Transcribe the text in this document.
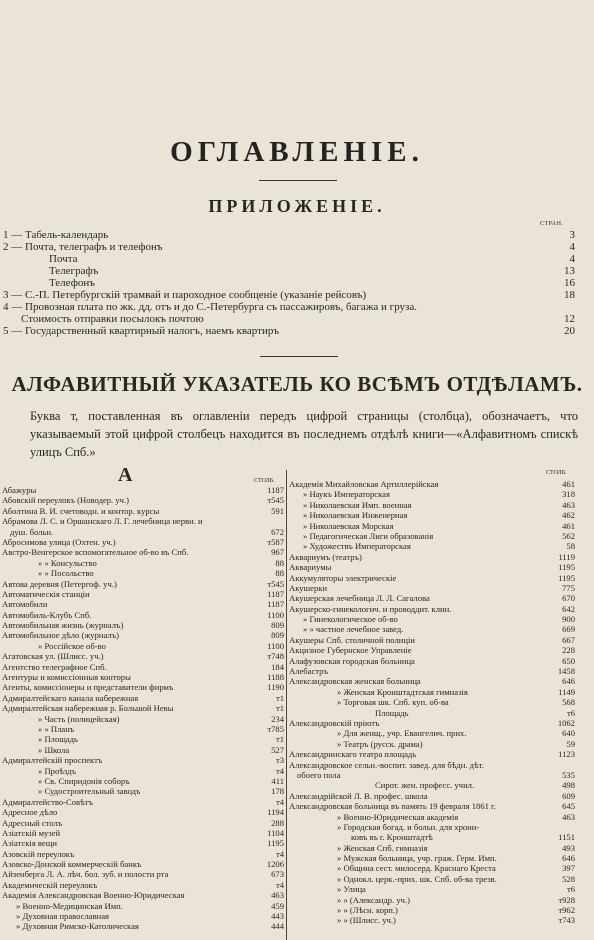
ОГЛАВЛЕНІЕ.
ПРИЛОЖЕНІЕ.
СТРАН.
1 — Табель-календарь	3
2 — Почта, телеграфъ и телефонъ	4
Почта	4
Телеграфъ	13
Телефонъ	16
3 — С.-П. Петербургскій трамвай и пароходное сообщеніе (указаніе рейсовъ)	18
4 — Провозная плата по жк. дд. отъ и до С.-Петербурга съ пассажировъ, багажа и груза.
Стоимость отправки посылокъ почтою	12
5 — Государственный квартирный налогъ, наемъ квартиръ	20
АЛФАВИТНЫЙ УКАЗАТЕЛЬ КО ВСѢМЪ ОТДѢЛАМЪ.
Буква т, поставленная въ оглавленіи передъ цифрой страницы (столбца), обозначаетъ, что указываемый этой цифрой столбецъ находится въ последнемъ отдѣлѣ книги—«Алфавитномъ спискѣ улицъ Спб.»
А	СТОЛБ.
СТОЛБ.
Абажуры	1187
Абовскій переулокъ (Новодер. уч.)	т545
Аболтина В. И. счетоводн. и контор. курсы	591
Абрамова Л. С. и Оршанскаго Л. Г. лечебница нервн. и
душ. больн.	672
Абросимова улица (Охтен. уч.)	т587
Австро-Венгерское вспомогательное об-во въ Спб.	967
» » Консульство	88
» » Посольство	88
Автова деревня (Петергоф. уч.)	т545
Автоматическія станціи	1187
Автомобили	1187
Автомобиль-Клубъ Спб.	1100
Автомобильная жизнь (журналъ)	809
Автомобильное дѣло (журналъ)	809
» Россійское об-во	1100
Агатовская ул. (Шлисс. уч.)	т748
Агентство телеграфное Спб.	184
Агентуры и комиссіонныя конторы	1188
Агенты, комиссіонеры и представители фирмъ	1190
Адмиралтейскаго канала набережная	т1
Адмиралтейская набережная р. Большой Невы	т1
» Часть (полицейская)	234
» » Планъ	т785
» Площадь	т1
» Школа	527
Адмиралтейскій проспектъ	т3
» Проѣздъ	т4
» Св. Спиридонія соборъ	411
» Судостроительный заводъ	178
Адмиралтейство-Совѣтъ	т4
Адресное дѣло	1194
Адресный столъ	288
Азіатскій музей	1104
Азіатскія вещи	1195
Азовскій переулокъ	т4
Азовско-Донской коммерческій банкъ	1206
Айзенберга Л. А. лѣч. бол. зуб. и полости рта	673
Академическій переулокъ	т4
Академія Александровская Военно-Юридическая	463
» Военно-Медицинская Имп.	459
» Духовная православная	443
» Духовная Римско-Католическая	444
Академія Михайловская Артиллерійская	461
» Наукъ Императорская	318
» Николаевская Имп. военная	463
» Николаевская Инженерная	462
» Николаевская Морская	461
» Педагогическая Лиги образованія	562
» Художествъ Императорская	58
Аквариумъ (театръ)	1119
Аквариумы	1195
Аккумуляторы электрическіе	1195
Акушерки	775
Акушерская лечебница Л. Л. Сагалова	670
Акушерско-гинекологич. и проводдит. клин.	642
» Гинекологическое об-во	900
» » частное лечебное завед.	669
Акушеры Спб. столичной полиціи	667
Акцизное Губернское Управленіе	228
Алафузовская городская больница	650
Алебастръ	1458
Александровская женская больница	646
» Женская Кронштадтская гимназія	1149
» Торговая шк. Спб. куп. об-ва	568
Площадь	т6
Александровскій пріютъ	1062
» Для женщ., учр. Евангелич. прих.	640
» Театръ (русск. драма)	59
Александринскаго театра площадь	1123
Александровское сельн.-воспит. завед. для бѣдн. дѣт.
обоего пола	535
Сирот. жен. професс. учил.	498
Александрійской Л. В. профес. школа	609
Александровская больница въ память 19 февраля 1861 г.	645
» Военно-Юридическая академія	463
» Городская богад. и больн. для хрони-
ковъ въ г. Кронштадтѣ	1151
» Женская Спб. гимназія	493
» Мужская больница, учр. граж. Герм. Имп.	646
» Община сест. милосерд. Краснаго Креста	397
» Однокл. церк.-прих. шк. Спб. об-ва трезв.	528
» Улица	т6
» » (Александр. уч.)	т928
» » (Лѣсн. корп.)	т962
» » (Шлисс. уч.)	т743
